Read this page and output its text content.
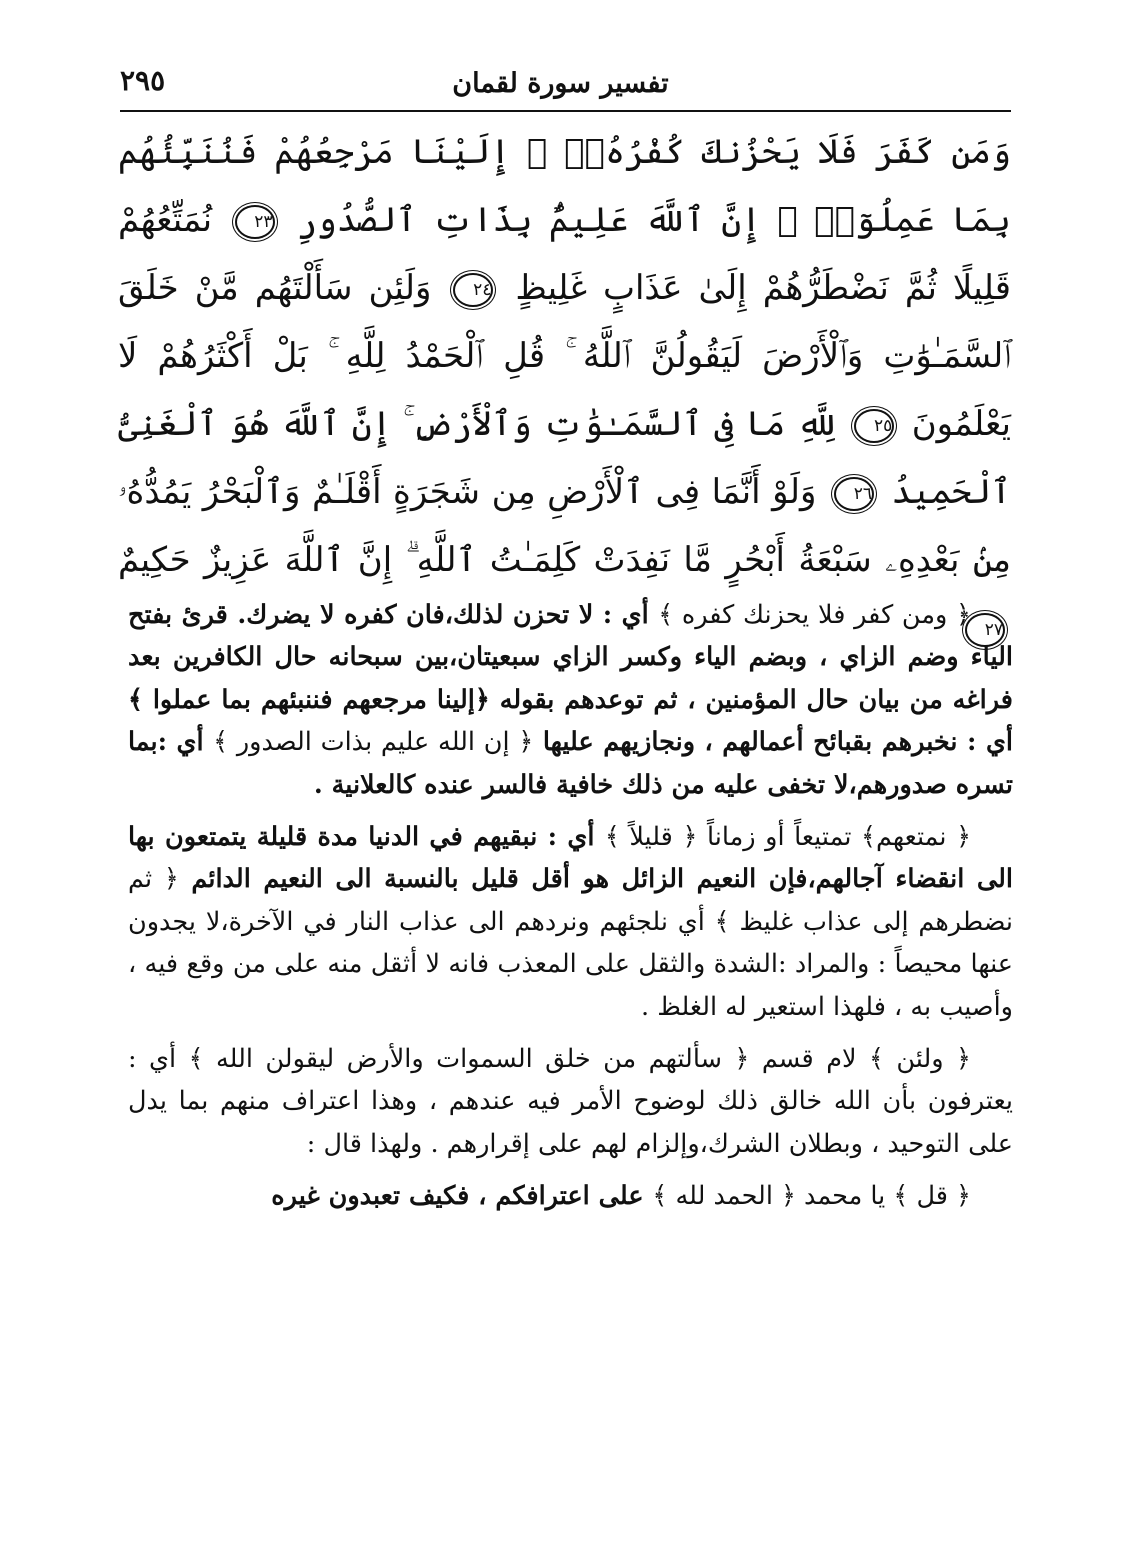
تفسير سورة لقمان
٢٩٥
وَمَن كَفَرَ فَلَا يَحْزُنكَ كُفْرُهُۥٓ ۚ إِلَيْنَا مَرْجِعُهُمْ فَنُنَبِّئُهُم بِمَا عَمِلُوٓا۟ ۚ إِنَّ ٱللَّهَ عَلِيمٌۢ بِذَاتِ ٱلصُّدُورِ ٢٣ نُمَتِّعُهُمْ قَلِيلًا ثُمَّ نَضْطَرُّهُمْ إِلَىٰ عَذَابٍ غَلِيظٍ ٢٤ وَلَئِن سَأَلْتَهُم مَّنْ خَلَقَ ٱلسَّمَـٰوَٰتِ وَٱلْأَرْضَ لَيَقُولُنَّ ٱللَّهُ ۚ قُلِ ٱلْحَمْدُ لِلَّهِ ۚ بَلْ أَكْثَرُهُمْ لَا يَعْلَمُونَ ٢٥ لِلَّهِ مَا فِى ٱلسَّمَـٰوَٰتِ وَٱلْأَرْضِ ۚ إِنَّ ٱللَّهَ هُوَ ٱلْغَنِىُّ ٱلْحَمِيدُ ٢٦ وَلَوْ أَنَّمَا فِى ٱلْأَرْضِ مِن شَجَرَةٍ أَقْلَـٰمٌ وَٱلْبَحْرُ يَمُدُّهُۥ مِنۢ بَعْدِهِۦ سَبْعَةُ أَبْحُرٍ مَّا نَفِدَتْ كَلِمَـٰتُ ٱللَّهِ ۗ إِنَّ ٱللَّهَ عَزِيزٌ حَكِيمٌ ٢٧

﴿ ومن كفر فلا يحزنك كفره ﴾ أي : لا تحزن لذلك،فان كفره لا يضرك. قرئ بفتح الياء وضم الزاي ، وبضم الياء وكسر الزاي سبعيتان،بين سبحانه حال الكافرين بعد فراغه من بيان حال المؤمنين ، ثم توعدهم بقوله ﴿إلينا مرجعهم فننبئهم بما عملوا ﴾ أي : نخبرهم بقبائح أعمالهم ، ونجازيهم عليها ﴿ إن الله عليم بذات الصدور ﴾ أي :بما تسره صدورهم،لا تخفى عليه من ذلك خافية فالسر عنده كالعلانية .

﴿ نمتعهم﴾ تمتيعاً أو زماناً ﴿ قليلاً ﴾ أي : نبقيهم في الدنيا مدة قليلة يتمتعون بها الى انقضاء آجالهم،فإن النعيم الزائل هو أقل قليل بالنسبة الى النعيم الدائم ﴿ ثم نضطرهم إلى عذاب غليظ ﴾ أي نلجئهم ونردهم الى عذاب النار في الآخرة،لا يجدون عنها محيصاً : والمراد :الشدة والثقل على المعذب فانه لا أثقل منه على من وقع فيه ، وأصيب به ، فلهذا استعير له الغلظ .

﴿ ولئن ﴾ لام قسم ﴿ سألتهم من خلق السموات والأرض ليقولن الله ﴾ أي : يعترفون بأن الله خالق ذلك لوضوح الأمر فيه عندهم ، وهذا اعتراف منهم بما يدل على التوحيد ، وبطلان الشرك،وإلزام لهم على إقرارهم . ولهذا قال :

﴿ قل ﴾ يا محمد ﴿ الحمد لله ﴾ على اعترافكم ، فكيف تعبدون غيره
